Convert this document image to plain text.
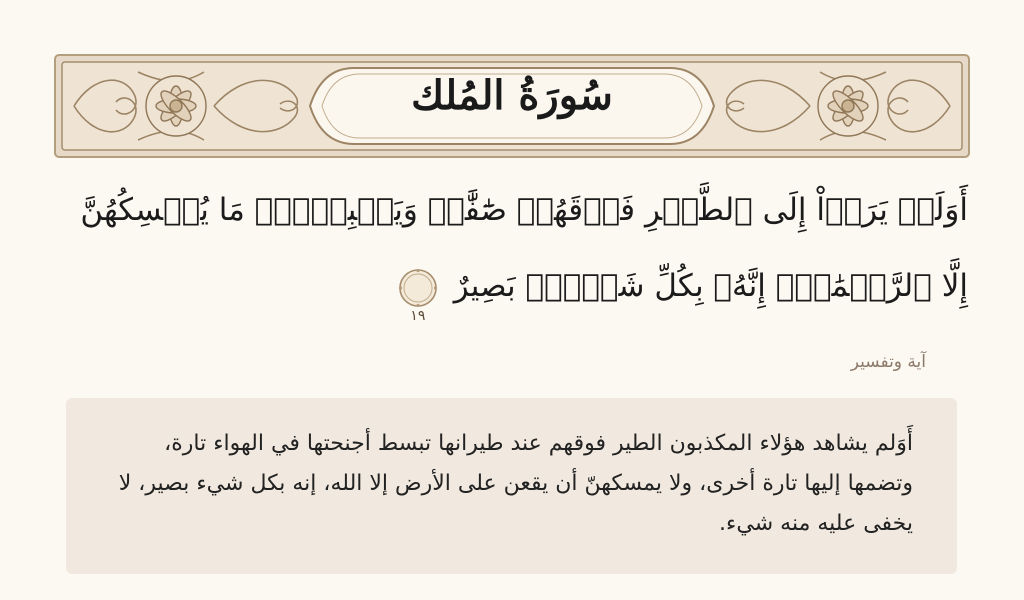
سُورَةُ المُلك
أَوَلَمۡ يَرَوۡاْ إِلَى ٱلطَّيۡرِ فَوۡقَهُمۡ صَٰٓفَّٰتٖ وَيَقۡبِضۡنَۚ مَا يُمۡسِكُهُنَّ إِلَّا ٱلرَّحۡمَٰنُۚ إِنَّهُۥ بِكُلِّ شَيۡءِۭ بَصِيرٌ
١٩
آية وتفسير
أَوَلم يشاهد هؤلاء المكذبون الطير فوقهم عند طيرانها تبسط أجنحتها في الهواء تارة، وتضمها إليها تارة أخرى، ولا يمسكهنّ أن يقعن على الأرض إلا الله، إنه بكل شيء بصير، لا يخفى عليه منه شيء.
